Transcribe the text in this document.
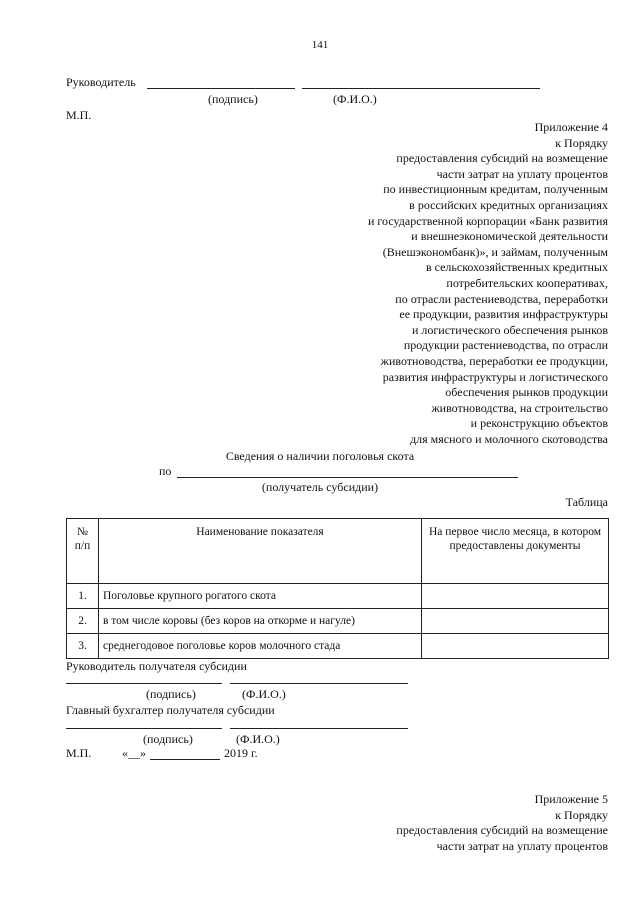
141
Руководитель
(подпись)	(Ф.И.О.)
М.П.
Приложение 4
к Порядку
предоставления субсидий на возмещение
части затрат на уплату процентов
по инвестиционным кредитам, полученным
в российских кредитных организациях
и государственной корпорации «Банк развития
и внешнеэкономической деятельности
(Внешэкономбанк)», и займам, полученным
в сельскохозяйственных кредитных
потребительских кооперативах,
по отрасли растениеводства, переработки
ее продукции, развития инфраструктуры
и логистического обеспечения рынков
продукции растениеводства, по отрасли
животноводства, переработки ее продукции,
развития инфраструктуры и логистического
обеспечения рынков продукции
животноводства, на строительство
и реконструкцию объектов
для мясного и молочного скотоводства
Сведения о наличии поголовья скота
по
(получатель субсидии)
Таблица
№
п/п	Наименование показателя	На первое число месяца, в котором предоставлены документы
1.	Поголовье крупного рогатого скота	
2.	в том числе коровы (без коров на откорме и нагуле)	
3.	среднегодовое поголовье коров молочного стада	
Руководитель получателя субсидии
(подпись)	(Ф.И.О.)
Главный бухгалтер получателя субсидии
(подпись)	(Ф.И.О.)
М.П.	«__»	2019 г.
Приложение 5
к Порядку
предоставления субсидий на возмещение
части затрат на уплату процентов
